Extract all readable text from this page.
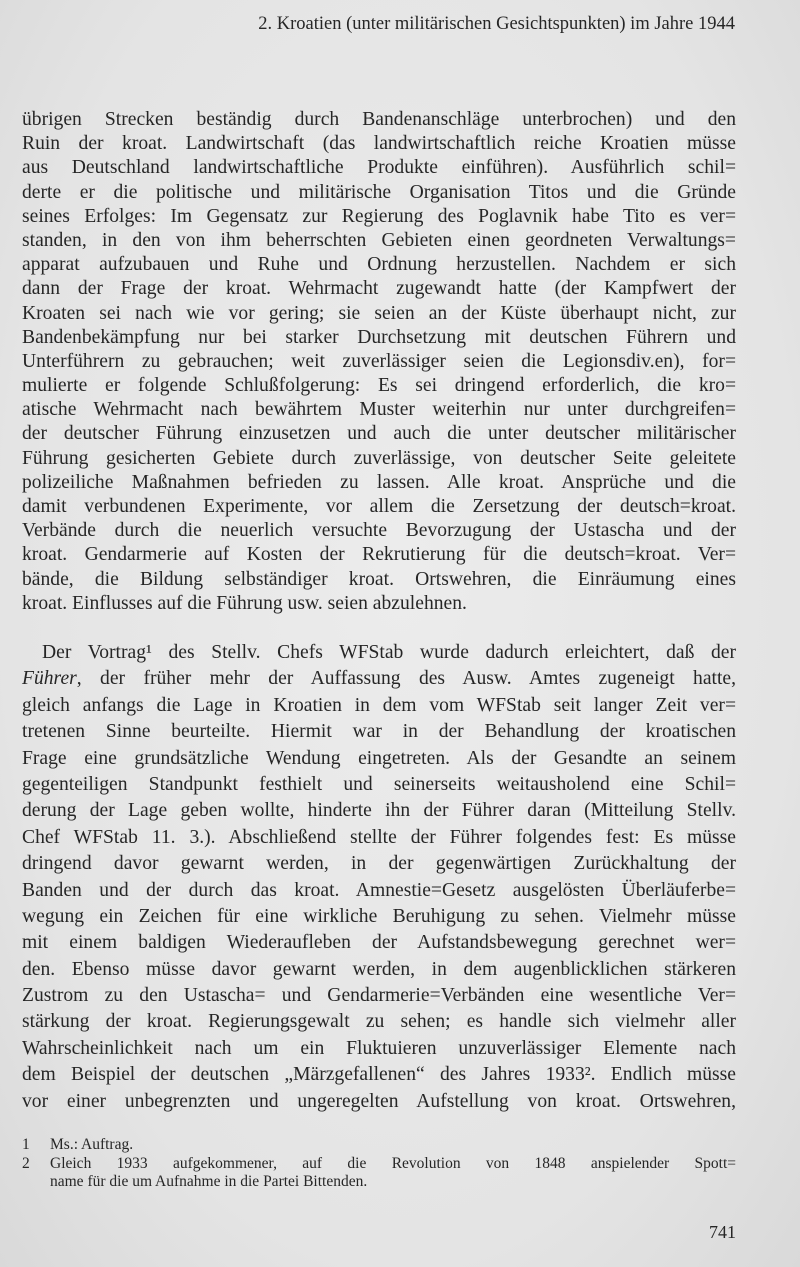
2. Kroatien (unter militärischen Gesichtspunkten) im Jahre 1944
übrigen Strecken beständig durch Bandenanschläge unterbrochen) und den
Ruin der kroat. Landwirtschaft (das landwirtschaftlich reiche Kroatien müsse
aus Deutschland landwirtschaftliche Produkte einführen). Ausführlich schil=
derte er die politische und militärische Organisation Titos und die Gründe
seines Erfolges: Im Gegensatz zur Regierung des Poglavnik habe Tito es ver=
standen, in den von ihm beherrschten Gebieten einen geordneten Verwaltungs=
apparat aufzubauen und Ruhe und Ordnung herzustellen. Nachdem er sich
dann der Frage der kroat. Wehrmacht zugewandt hatte (der Kampfwert der
Kroaten sei nach wie vor gering; sie seien an der Küste überhaupt nicht, zur
Bandenbekämpfung nur bei starker Durchsetzung mit deutschen Führern und
Unterführern zu gebrauchen; weit zuverlässiger seien die Legionsdiv.en), for=
mulierte er folgende Schlußfolgerung: Es sei dringend erforderlich, die kro=
atische Wehrmacht nach bewährtem Muster weiterhin nur unter durchgreifen=
der deutscher Führung einzusetzen und auch die unter deutscher militärischer
Führung gesicherten Gebiete durch zuverlässige, von deutscher Seite geleitete
polizeiliche Maßnahmen befrieden zu lassen. Alle kroat. Ansprüche und die
damit verbundenen Experimente, vor allem die Zersetzung der deutsch=kroat.
Verbände durch die neuerlich versuchte Bevorzugung der Ustascha und der
kroat. Gendarmerie auf Kosten der Rekrutierung für die deutsch=kroat. Ver=
bände, die Bildung selbständiger kroat. Ortswehren, die Einräumung eines
kroat. Einflusses auf die Führung usw. seien abzulehnen.
Der Vortrag¹ des Stellv. Chefs WFStab wurde dadurch erleichtert, daß der
Führer, der früher mehr der Auffassung des Ausw. Amtes zugeneigt hatte,
gleich anfangs die Lage in Kroatien in dem vom WFStab seit langer Zeit ver=
tretenen Sinne beurteilte. Hiermit war in der Behandlung der kroatischen
Frage eine grundsätzliche Wendung eingetreten. Als der Gesandte an seinem
gegenteiligen Standpunkt festhielt und seinerseits weitausholend eine Schil=
derung der Lage geben wollte, hinderte ihn der Führer daran (Mitteilung Stellv.
Chef WFStab 11. 3.). Abschließend stellte der Führer folgendes fest: Es müsse
dringend davor gewarnt werden, in der gegenwärtigen Zurückhaltung der
Banden und der durch das kroat. Amnestie=Gesetz ausgelösten Überläuferbe=
wegung ein Zeichen für eine wirkliche Beruhigung zu sehen. Vielmehr müsse
mit einem baldigen Wiederaufleben der Aufstandsbewegung gerechnet wer=
den. Ebenso müsse davor gewarnt werden, in dem augenblicklichen stärkeren
Zustrom zu den Ustascha= und Gendarmerie=Verbänden eine wesentliche Ver=
stärkung der kroat. Regierungsgewalt zu sehen; es handle sich vielmehr aller
Wahrscheinlichkeit nach um ein Fluktuieren unzuverlässiger Elemente nach
dem Beispiel der deutschen „Märzgefallenen“ des Jahres 1933². Endlich müsse
vor einer unbegrenzten und ungeregelten Aufstellung von kroat. Ortswehren,
1	Ms.: Auftrag.
2	Gleich 1933 aufgekommener, auf die Revolution von 1848 anspielender Spott=
name für die um Aufnahme in die Partei Bittenden.
741
